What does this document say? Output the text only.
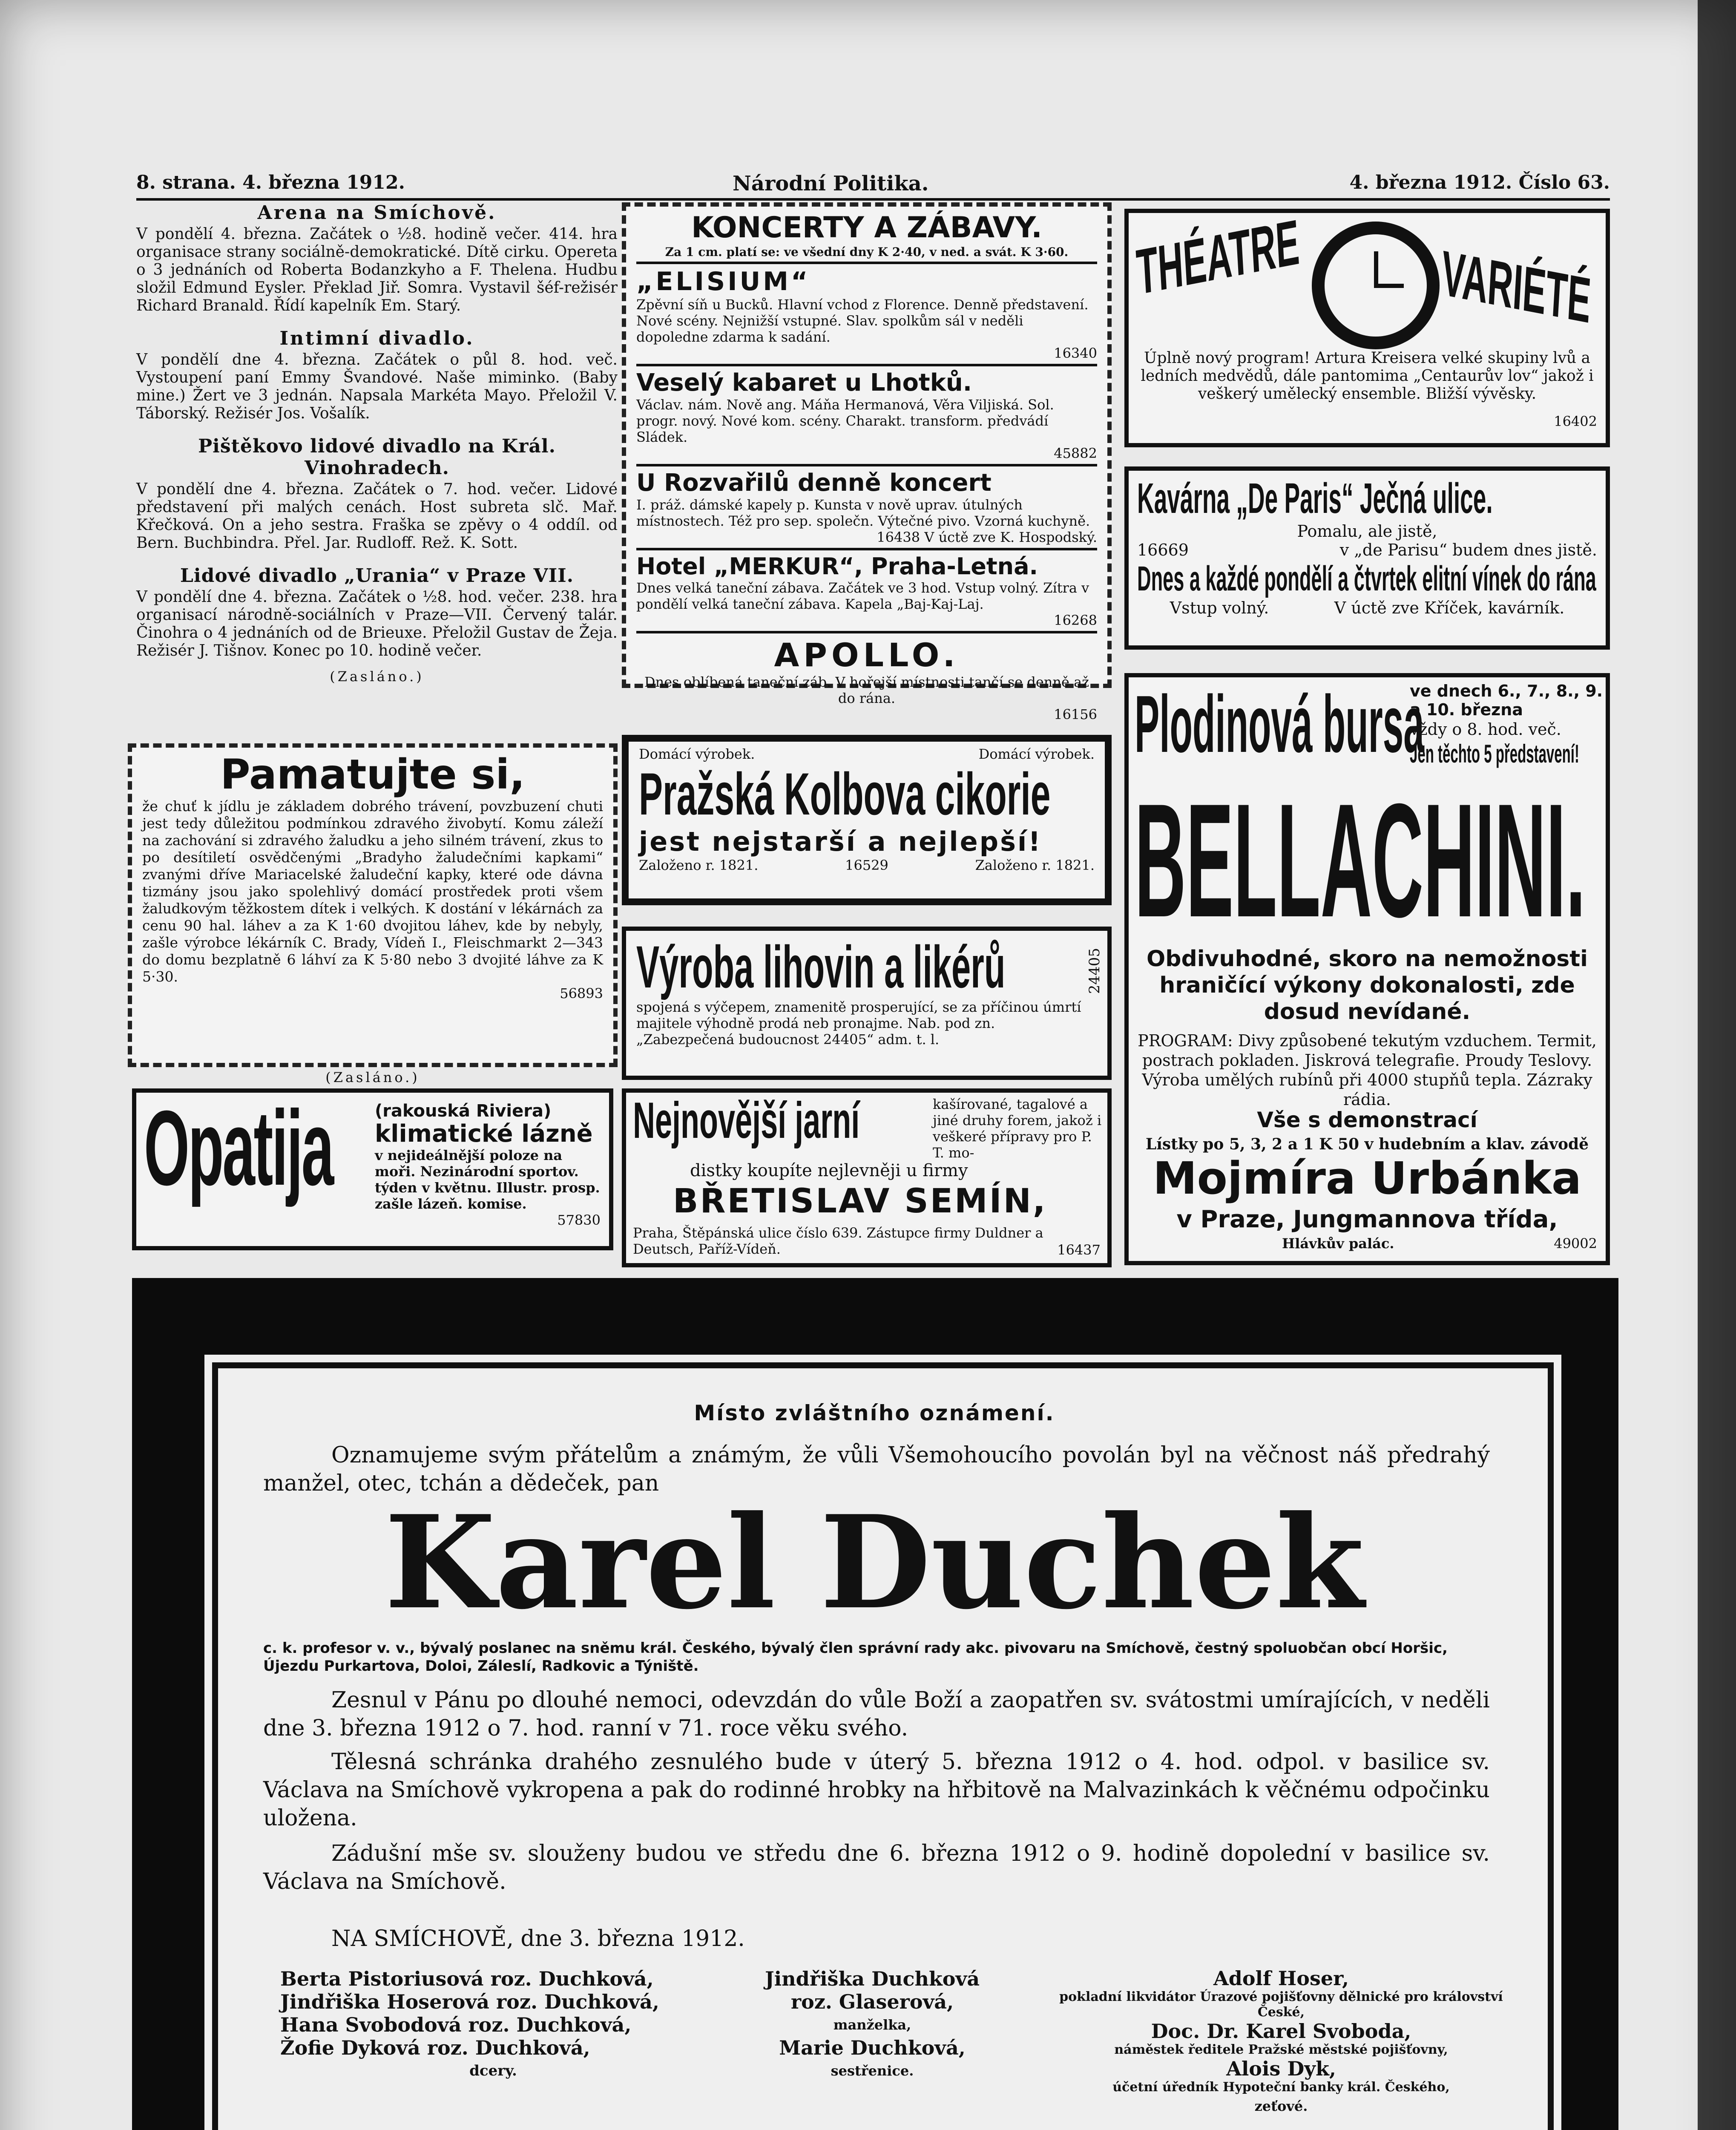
8. strana. 4. března 1912.	Národní Politika.	4. března 1912. Číslo 63.
Arena na Smíchově.
V pondělí 4. března. Začátek o ½8. hodině večer. 414. hra organisace strany sociálně-demokratické. Dítě cirku. Opereta o 3 jednáních od Roberta Bodanzkyho a F. Thelena. Hudbu složil Edmund Eysler. Překlad Jiř. Somra. Vystavil šéf-režisér Richard Branald. Řídí kapelník Em. Starý.
Intimní divadlo.
V pondělí dne 4. března. Začátek o půl 8. hod. več. Vystoupení paní Emmy Švandové. Naše miminko. (Baby mine.) Žert ve 3 jednán. Napsala Markéta Mayo. Přeložil V. Táborský. Režisér Jos. Vošalík.
Pištěkovo lidové divadlo na Král. Vinohradech.
V pondělí dne 4. března. Začátek o 7. hod. večer. Lidové představení při malých cenách. Host subreta slč. Mař. Křečková. On a jeho sestra. Fraška se zpěvy o 4 oddíl. od Bern. Buchbindra. Přel. Jar. Rudloff. Rež. K. Sott.
Lidové divadlo „Urania“ v Praze VII.
V pondělí dne 4. března. Začátek o ½8. hod. večer. 238. hra organisací národně-sociálních v Praze—VII. Červený talár. Činohra o 4 jednáních od de Brieuxe. Přeložil Gustav de Žeja. Režisér J. Tišnov. Konec po 10. hodině večer.
(Zasláno.)
Pamatujte si,
že chuť k jídlu je základem dobrého trávení, povzbuzení chuti jest tedy důležitou podmínkou zdravého živobytí. Komu záleží na zachování si zdravého žaludku a jeho silném trávení, zkus to po desítiletí osvědčenými „Bradyho žaludečními kapkami“ zvanými dříve Mariacelské žaludeční kapky, které ode dávna tizmány jsou jako spolehlivý domácí prostředek proti všem žaludkovým těžkostem dítek i velkých. K dostání v lékárnách za cenu 90 hal. láhev a za K 1·60 dvojitou láhev, kde by nebyly, zašle výrobce lékárník C. Brady, Vídeň I., Fleischmarkt 2—343 do domu bezplatně 6 láhví za K 5·80 nebo 3 dvojité láhve za K 5·30.
56893
(Zasláno.)
Opatija (rakouská Riviera)
klimatické lázně
v nejideálnější poloze na moři. Nezinárodní sportov. týden v květnu. Illustr. prosp. zašle lázeň. komise.
57830
KONCERTY A ZÁBAVY.
Za 1 cm. platí se: ve všední dny K 2·40, v ned. a svát. K 3·60.
„ELISIUM“
Zpěvní síň u Bucků. Hlavní vchod z Florence. Denně představení. Nové scény. Nejnižší vstupné. Slav. spolkům sál v neděli dopoledne zdarma k sadání.
16340
Veselý kabaret u Lhotků.
Václav. nám. Nově ang. Máňa Hermanová, Věra Viljiská. Sol. progr. nový. Nové kom. scény. Charakt. transform. předvádí Sládek.
45882
U Rozvařilů denně koncert
I. práž. dámské kapely p. Kunsta v nově uprav. útulných místnostech. Též pro sep. společn. Výtečné pivo. Vzorná kuchyně.
16438 V úctě zve K. Hospodský.
Hotel „MERKUR“, Praha-Letná.
Dnes velká taneční zábava. Začátek ve 3 hod. Vstup volný. Zítra v pondělí velká taneční zábava. Kapela „Baj-Kaj-Laj.
16268
APOLLO.
Dnes oblíbená taneční záb. V hořejší místnosti tančí se denně až do rána.
16156
Domácí výrobek.	Domácí výrobek.
Pražská Kolbova cikorie
jest nejstarší a nejlepší!
Založeno r. 1821.	16529	Založeno r. 1821.
Výroba lihovin a likérů	24405
spojená s výčepem, znamenitě prosperující, se za příčinou úmrtí majitele výhodně prodá neb pronajme. Nab. pod zn. „Zabezpečená budoucnost 24405“ adm. t. l.
Nejnovější jarní	kašírované, tagalové a jiné druhy forem, jakož i veškeré přípravy pro P. T. mo-
distky koupíte nejlevněji u firmy
BŘETISLAV SEMÍN,
Praha, Štěpánská ulice číslo 639. Zástupce firmy Duldner a Deutsch, Paříž-Vídeň.	16437
THÉATRE VARIÉTÉ
Úplně nový program! Artura Kreisera velké skupiny lvů a ledních medvědů, dále pantomima „Centaurův lov“ jakož i veškerý umělecký ensemble. Bližší vývěsky.
16402
Kavárna „De Paris“ Ječná ulice.
Pomalu, ale jistě,
16669	v „de Parisu“ budem dnes jistě.
Dnes a každé pondělí a čtvrtek elitní vínek do rána
Vstup volný.	V úctě zve Kříček, kavárník.
Plodinová bursa
ve dnech 6., 7., 8., 9. a 10. března
vždy o 8. hod. več.
Jen těchto 5 představení!
BELLACHINI.
Obdivuhodné, skoro na nemožnosti hraničící výkony dokonalosti, zde dosud nevídané.
PROGRAM: Divy způsobené tekutým vzduchem. Termit, postrach pokladen. Jiskrová telegrafie. Proudy Teslovy. Výroba umělých rubínů při 4000 stupňů tepla. Zázraky rádia.
Vše s demonstrací
Lístky po 5, 3, 2 a 1 K 50 v hudebním a klav. závodě
Mojmíra Urbánka
v Praze, Jungmannova třída,
Hlávkův palác.	49002
Místo zvláštního oznámení.
Oznamujeme svým přátelům a známým, že vůli Všemohoucího povolán byl na věčnost náš předrahý manžel, otec, tchán a dědeček, pan
Karel Duchek
c. k. profesor v. v., bývalý poslanec na sněmu král. Českého, bývalý člen správní rady akc. pivovaru na Smíchově, čestný spoluobčan obcí Horšic, Újezdu Purkartova, Doloi, Záleslí, Radkovic a Týniště.
Zesnul v Pánu po dlouhé nemoci, odevzdán do vůle Boží a zaopatřen sv. svátostmi umírajících, v neděli dne 3. března 1912 o 7. hod. ranní v 71. roce věku svého.
Tělesná schránka drahého zesnulého bude v úterý 5. března 1912 o 4. hod. odpol. v basilice sv. Václava na Smíchově vykropena a pak do rodinné hrobky na hřbitově na Malvazinkách k věčnému odpočinku uložena.
Zádušní mše sv. slouženy budou ve středu dne 6. března 1912 o 9. hodině dopolední v basilice sv. Václava na Smíchově.
NA SMÍCHOVĚ, dne 3. března 1912.
Berta Pistoriusová roz. Duchková,
Jindřiška Hoserová roz. Duchková,
Hana Svobodová roz. Duchková,
Žofie Dyková roz. Duchková,
dcery.
Jindřiška Duchková
roz. Glaserová,
manželka,
Marie Duchková,
sestřenice.
Adolf Hoser,
pokladní likvidátor Úrazové pojišťovny dělnické pro království České,
Doc. Dr. Karel Svoboda,
náměstek ředitele Pražské městské pojišťovny,
Alois Dyk,
účetní úředník Hypoteční banky král. Českého,
zeťové.
